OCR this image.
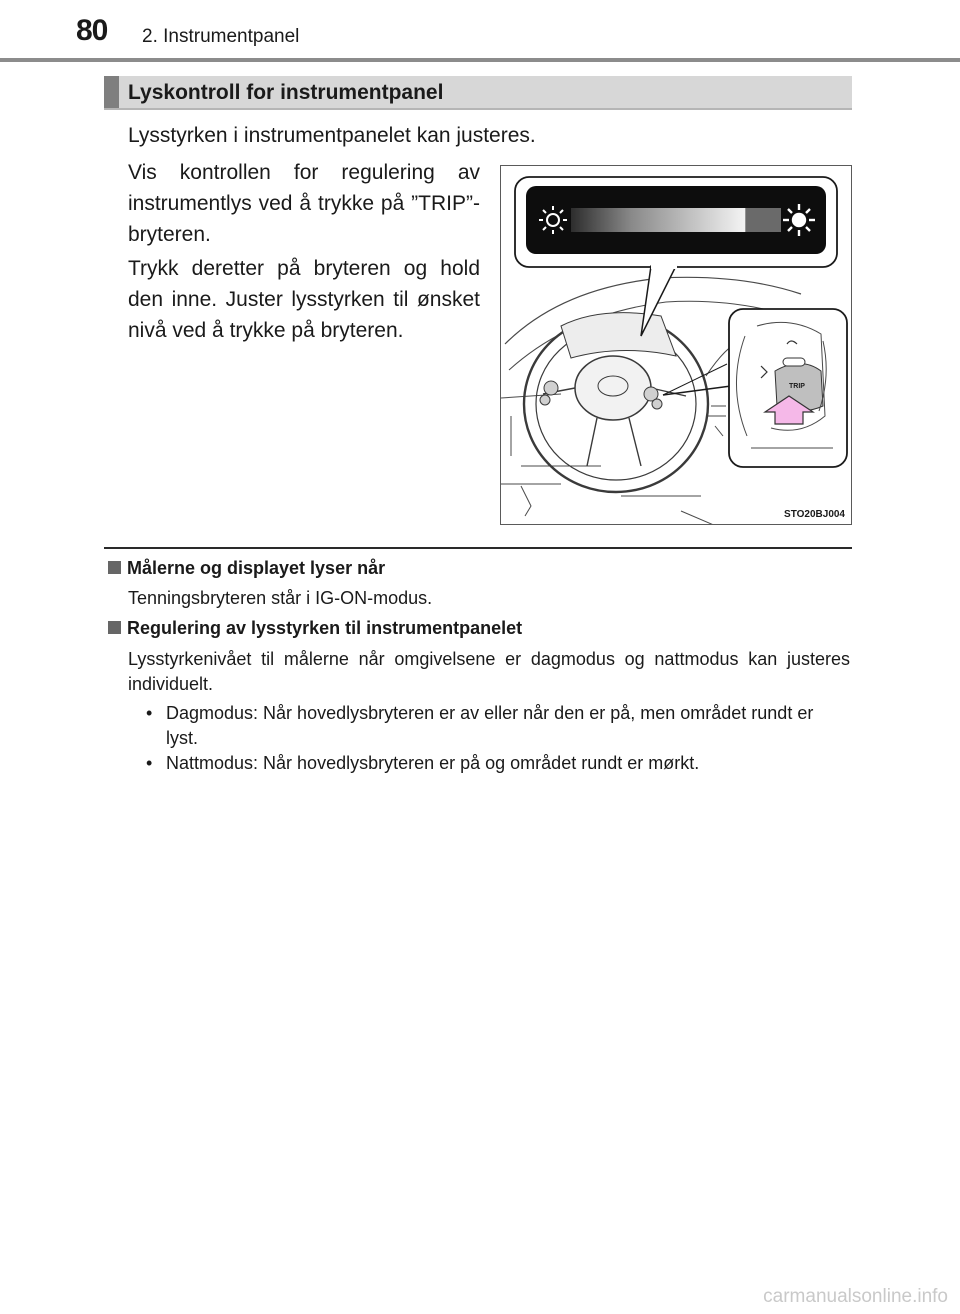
80 2. Instrumentpanel
Lyskontroll for instrumentpanel
Lysstyrken i instrumentpanelet kan justeres.
Vis kontrollen for regulering av instrumentlys ved å trykke på ”TRIP”-bryteren.
Trykk deretter på bryteren og hold den inne. Juster lysstyrken til ønsket nivå ved å trykke på bryteren.
TRIP
STO20BJ004
Målerne og displayet lyser når
Tenningsbryteren står i IG-ON-modus.
Regulering av lysstyrken til instrumentpanelet
Lysstyrkenivået til målerne når omgivelsene er dagmodus og nattmodus kan justeres individuelt.
• Dagmodus: Når hovedlysbryteren er av eller når den er på, men området rundt er lyst.
• Nattmodus: Når hovedlysbryteren er på og området rundt er mørkt.
carmanualsonline.info
